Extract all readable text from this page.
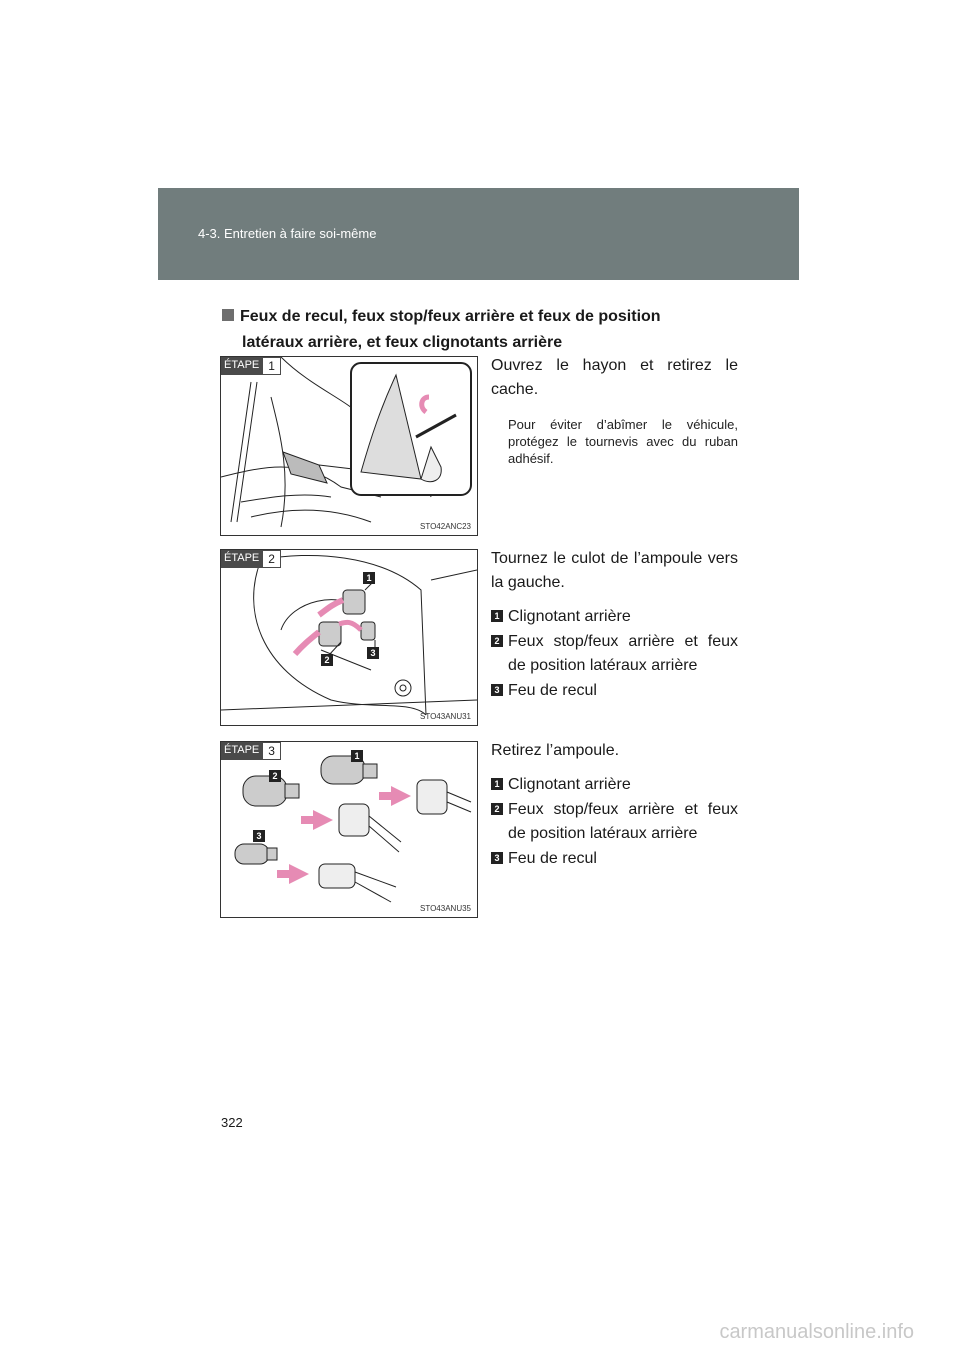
4-3. Entretien à faire soi-même
Feux de recul, feux stop/feux arrière et feux de position
latéraux arrière, et feux clignotants arrière
ÉTAPE 1
STO42ANC23

Ouvrez le hayon et retirez le cache.

Pour éviter d’abîmer le véhicule, protégez le tournevis avec du ruban adhésif.

ÉTAPE 2
1
2
3
STO43ANU31

Tournez le culot de l’ampoule vers la gauche.

1 Clignotant arrière
2 Feux stop/feux arrière et feux de position latéraux arrière
3 Feu de recul
ÉTAPE 3	1
2
3
STO43ANU35

Retirez l’ampoule.

1 Clignotant arrière
2 Feux stop/feux arrière et feux de position latéraux arrière
3 Feu de recul
322
carmanualsonline.info
